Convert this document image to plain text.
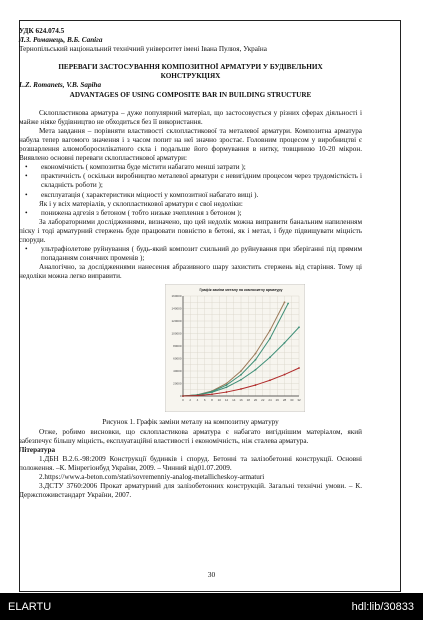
УДК 624.074.5

Л.З. Романець, В.Б. Сапіга

Тернопільський національний технічний університет імені Івана Пулюя, Україна

ПЕРЕВАГИ ЗАСТОСУВАННЯ КОМПОЗИТНОЇ АРМАТУРИ У БУДІВЕЛЬНИХ КОНСТРУКЦІЯХ

L.Z. Romanets, V.B. Sapiha

ADVANTAGES OF USING COMPOSITE BAR IN BUILDING STRUCTURE

Склопластикова арматура – дуже популярний матеріал, що застосовується у різних сферах діяльності і майже ніяке будівництво не обходиться без її використання.

Мета завдання – порівняти властивості склопластикової та металевої арматури. Композитна арматура набула тепер вагомого значення і з часом попит на неї значно зростає. Головним процесом у виробництві є розшарлення алюмоборосилікатного скла і подальше його формування в нитку, товщиною 10-20 мікрон. Виявлено основні переваги склопластикової арматури:

• економічність ( композитна буде містити набагато менші затрати );
• практичність ( оскільки виробництво металевої арматури є невигідним процесом через трудомісткість і складність роботи );
• експлуатація ( характеристики міцності у композитної набагато вищі ).

Як і у всіх матеріалів, у склопластикової арматури є свої недоліки:

• понижена адгезія з бетоном ( тобто низьке зчеплення з бетоном );

За лабораторними дослідженнями, визначено, що цей недолік можна виправити банальним напиленням піску і тоді арматурний стержень буде працювати повністю в бетоні, як і метал, і буде підвищувати міцність споруди.

• ультрафіолетове руйнування ( будь-який композит схильний до руйнування при зберіганні під прямим попаданням сонячних променів );

Аналогічно, за дослідженнями нанесення абразивного шару захистить стержень від старіння. Тому ці недоліки можна легко виправити.

Графік заміни металу на композитну арматуру
0
20000
40000
60000
80000
100000
120000
140000
160000
0 2 4 6 8 10 12 14 16 18 20 22 24 26 28 30 32

Рисунок 1. Графік заміни металу на композитну арматуру

Отже, робимо висновки, що склопластикова арматура є набагато вигіднішим матеріалом, який забезпечує більшу міцність, експлуатаційні властивості і економічність, ніж сталева арматура.

Література

1.ДБН В.2.6.-98:2009 Конструкції будинків і споруд. Бетонні та залізобетонні конструкції. Основні положення. –К. Мінрегіонбуд України, 2009. – Чинний від01.07.2009.

2.https://www.a-beton.com/stati/sovremenniy-analog-metallicheskoy-armaturi

3.ДСТУ 3760:2006 Прокат арматурний для залізобетонних конструкцій. Загальні технічні умови. – К. Держспоживстандарт України, 2007.

30
ELARTU	hdl:lib/30833
